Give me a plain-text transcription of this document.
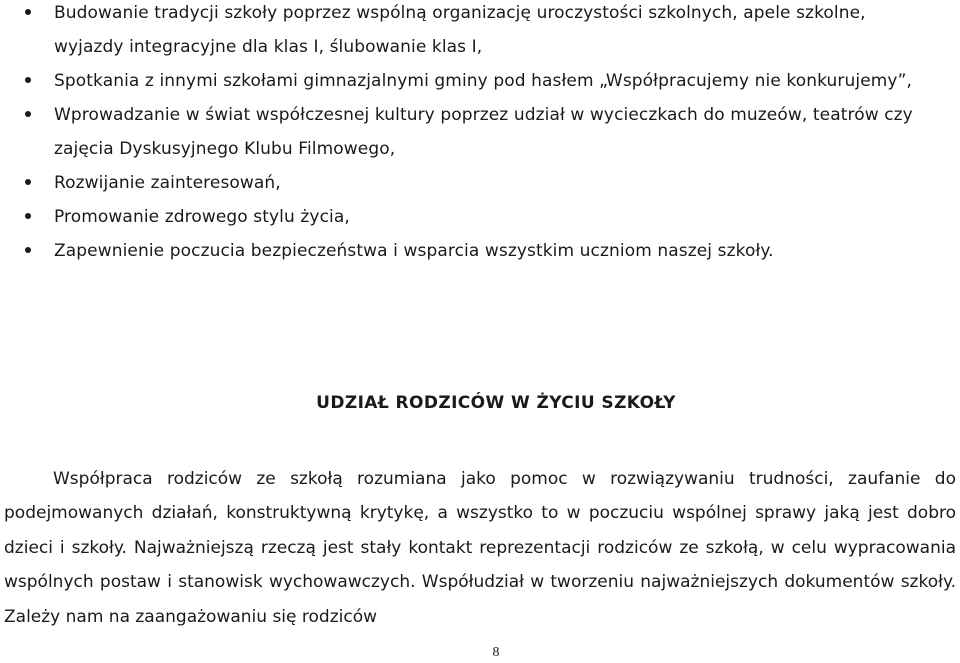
Budowanie tradycji szkoły poprzez wspólną organizację uroczystości szkolnych, apele szkolne, wyjazdy integracyjne dla klas I, ślubowanie klas I,
Spotkania z innymi szkołami gimnazjalnymi gminy pod hasłem „Współpracujemy nie konkurujemy”,
Wprowadzanie w świat współczesnej kultury poprzez udział w wycieczkach do muzeów, teatrów czy zajęcia Dyskusyjnego Klubu Filmowego,
Rozwijanie zainteresowań,
Promowanie zdrowego stylu życia,
Zapewnienie poczucia bezpieczeństwa i wsparcia wszystkim uczniom naszej szkoły.
UDZIAŁ RODZICÓW W ŻYCIU SZKOŁY

Współpraca rodziców ze szkołą rozumiana jako pomoc w rozwiązywaniu trudności, zaufanie do podejmowanych działań, konstruktywną krytykę, a wszystko to w poczuciu wspólnej sprawy jaką jest dobro dzieci i szkoły. Najważniejszą rzeczą jest stały kontakt reprezentacji rodziców ze szkołą, w celu wypracowania wspólnych postaw i stanowisk wychowawczych. Współudział w tworzeniu najważniejszych dokumentów szkoły. Zależy nam na zaangażowaniu się rodziców

8
